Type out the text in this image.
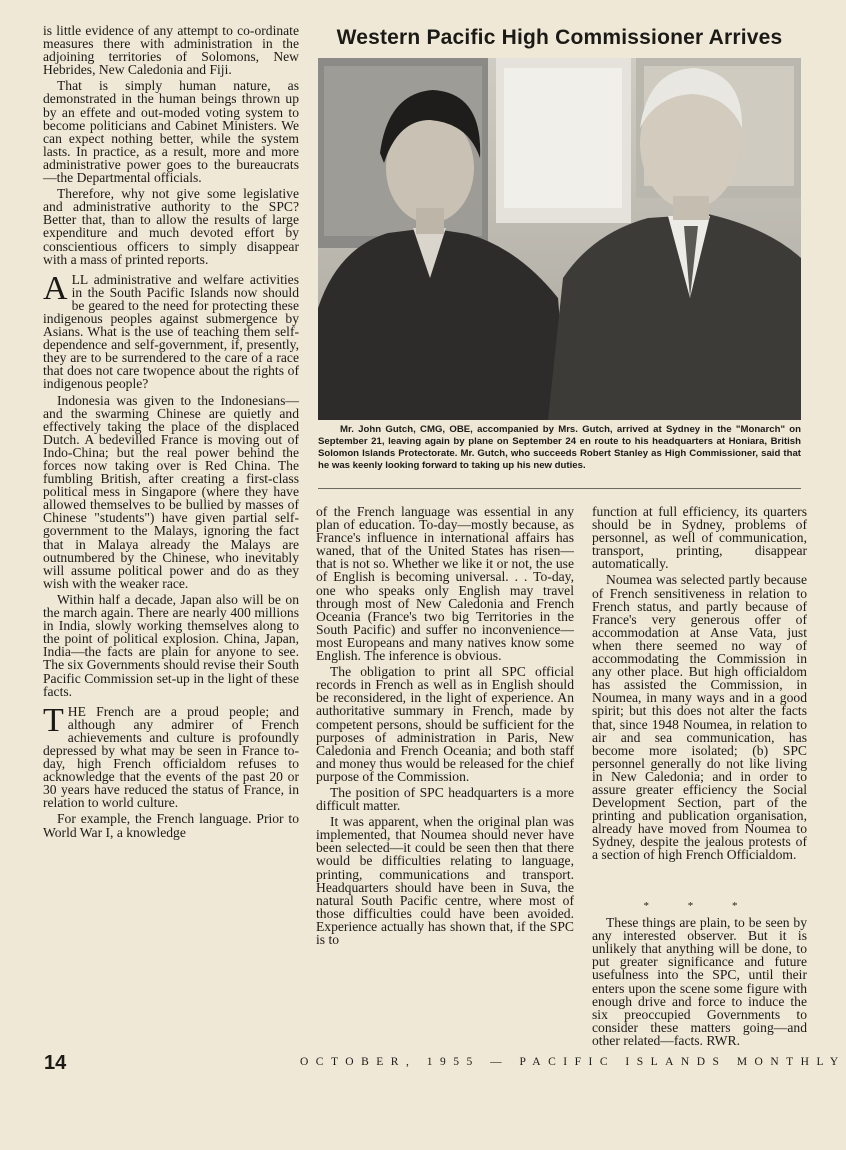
is little evidence of any attempt to co-ordinate measures there with administration in the adjoining territories of Solomons, New Hebrides, New Caledonia and Fiji.

That is simply human nature, as demonstrated in the human beings thrown up by an effete and out-moded voting system to become politicians and Cabinet Ministers. We can expect nothing better, while the system lasts. In practice, as a result, more and more administrative power goes to the bureaucrats—the Departmental officials.

Therefore, why not give some legislative and administrative authority to the SPC? Better that, than to allow the results of large expenditure and much devoted effort by conscientious officers to simply disappear with a mass of printed reports.

ALL administrative and welfare activities in the South Pacific Islands now should be geared to the need for protecting these indigenous peoples against submergence by Asians. What is the use of teaching them self-dependence and self-government, if, presently, they are to be surrendered to the care of a race that does not care twopence about the rights of indigenous people?

Indonesia was given to the Indonesians—and the swarming Chinese are quietly and effectively taking the place of the displaced Dutch. A bedevilled France is moving out of Indo-China; but the real power behind the forces now taking over is Red China. The fumbling British, after creating a first-class political mess in Singapore (where they have allowed themselves to be bullied by masses of Chinese "students") have given partial self-government to the Malays, ignoring the fact that in Malaya already the Malays are outnumbered by the Chinese, who inevitably will assume political power and do as they wish with the weaker race.

Within half a decade, Japan also will be on the march again. There are nearly 400 millions in India, slowly working themselves along to the point of political explosion. China, Japan, India—the facts are plain for anyone to see. The six Governments should revise their South Pacific Commission set-up in the light of these facts.

THE French are a proud people; and although any admirer of French achievements and culture is profoundly depressed by what may be seen in France to-day, high French officialdom refuses to acknowledge that the events of the past 20 or 30 years have reduced the status of France, in relation to world culture.

For example, the French language. Prior to World War I, a knowledge

Western Pacific High Commissioner Arrives
Mr. John Gutch, CMG, OBE, accompanied by Mrs. Gutch, arrived at Sydney in the "Monarch" on September 21, leaving again by plane on September 24 en route to his headquarters at Honiara, British Solomon Islands Protectorate. Mr. Gutch, who succeeds Robert Stanley as High Commissioner, said that he was keenly looking forward to taking up his new duties.

of the French language was essential in any plan of education. To-day—mostly because, as France's influence in international affairs has waned, that of the United States has risen—that is not so. Whether we like it or not, the use of English is becoming universal. . . To-day, one who speaks only English may travel through most of New Caledonia and French Oceania (France's two big Territories in the South Pacific) and suffer no inconvenience—most Europeans and many natives know some English. The inference is obvious.

The obligation to print all SPC official records in French as well as in English should be reconsidered, in the light of experience. An authoritative summary in French, made by competent persons, should be sufficient for the purposes of administration in Paris, New Caledonia and French Oceania; and both staff and money thus would be released for the chief purpose of the Commission.

The position of SPC headquarters is a more difficult matter.

It was apparent, when the original plan was implemented, that Noumea should never have been selected—it could be seen then that there would be difficulties relating to language, printing, communications and transport. Headquarters should have been in Suva, the natural South Pacific centre, where most of those difficulties could have been avoided. Experience actually has shown that, if the SPC is to

function at full efficiency, its quarters should be in Sydney, problems of personnel, as well of communication, transport, printing, disappear automatically.

Noumea was selected partly because of French sensitiveness in relation to French status, and partly because of France's very generous offer of accommodation at Anse Vata, just when there seemed no way of accommodating the Commission in any other place. But high officialdom has assisted the Commission, in Noumea, in many ways and in a good spirit; but this does not alter the facts that, since 1948 Noumea, in relation to air and sea communication, has become more isolated; (b) SPC personnel generally do not like living in New Caledonia; and in order to assure greater efficiency the Social Development Section, part of the printing and publication organisation, already have moved from Noumea to Sydney, despite the jealous protests of a section of high French Officialdom.

* * *

These things are plain, to be seen by any interested observer. But it is unlikely that anything will be done, to put greater significance and future usefulness into the SPC, until their enters upon the scene some figure with enough drive and force to induce the six preoccupied Governments to consider these matters going—and other related—facts. RWR.

14	OCTOBER, 1955 — PACIFIC ISLANDS MONTHLY
